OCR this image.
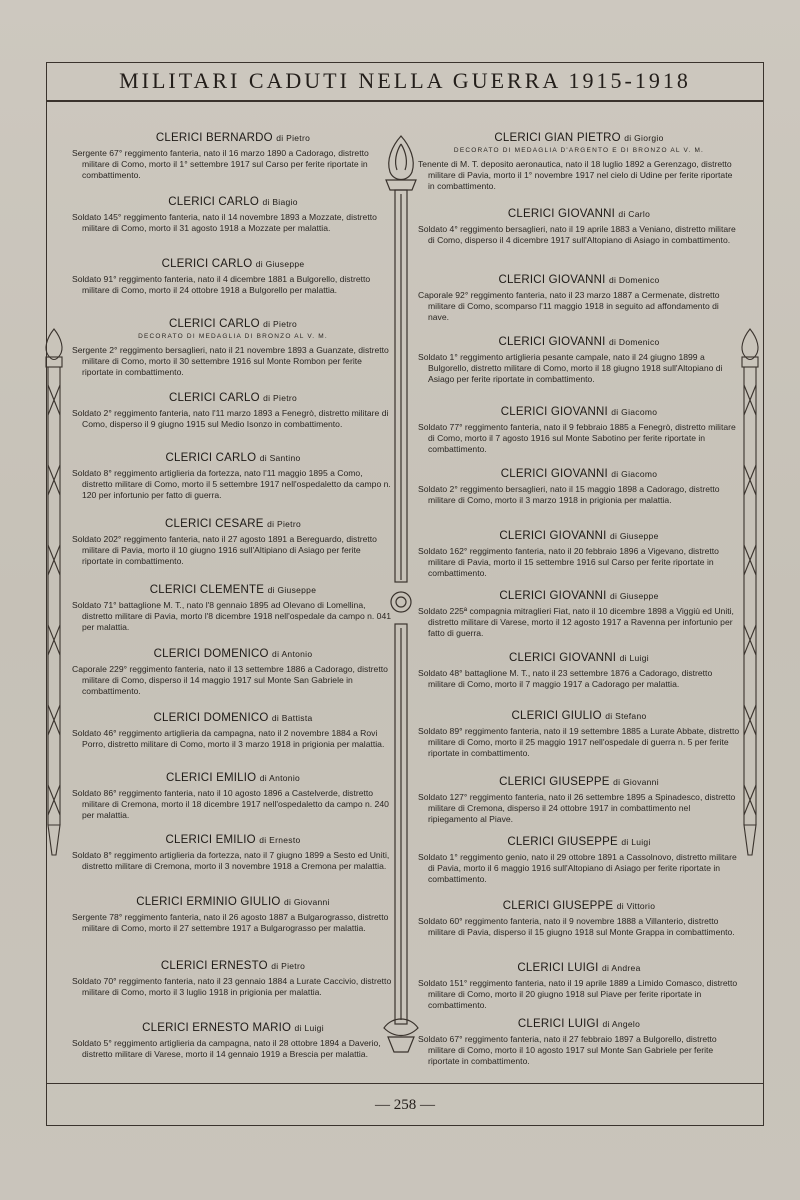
MILITARI CADUTI NELLA GUERRA 1915-1918
CLERICI BERNARDO di Pietro
Sergente 67° reggimento fanteria, nato il 16 marzo 1890 a Cadorago, distretto militare di Como, morto il 1° settembre 1917 sul Carso per ferite riportate in combattimento.
CLERICI CARLO di Biagio
Soldato 145° reggimento fanteria, nato il 14 novembre 1893 a Mozzate, distretto militare di Como, morto il 31 agosto 1918 a Mozzate per malattia.
CLERICI CARLO di Giuseppe
Soldato 91° reggimento fanteria, nato il 4 dicembre 1881 a Bulgorello, distretto militare di Como, morto il 24 ottobre 1918 a Bulgorello per malattia.
CLERICI CARLO di Pietro
DECORATO DI MEDAGLIA DI BRONZO AL V. M.
Sergente 2° reggimento bersaglieri, nato il 21 novembre 1893 a Guanzate, distretto militare di Como, morto il 30 settembre 1916 sul Monte Rombon per ferite riportate in combattimento.
CLERICI CARLO di Pietro
Soldato 2° reggimento fanteria, nato l'11 marzo 1893 a Fenegrò, distretto militare di Como, disperso il 9 giugno 1915 sul Medio Isonzo in combattimento.
CLERICI CARLO di Santino
Soldato 8° reggimento artiglieria da fortezza, nato l'11 maggio 1895 a Como, distretto militare di Como, morto il 5 settembre 1917 nell'ospedaletto da campo n. 120 per infortunio per fatto di guerra.
CLERICI CESARE di Pietro
Soldato 202° reggimento fanteria, nato il 27 agosto 1891 a Bereguardo, distretto militare di Pavia, morto il 10 giugno 1916 sull'Altipiano di Asiago per ferite riportate in combattimento.
CLERICI CLEMENTE di Giuseppe
Soldato 71° battaglione M. T., nato l'8 gennaio 1895 ad Olevano di Lomellina, distretto militare di Pavia, morto l'8 dicembre 1918 nell'ospedale da campo n. 041 per malattia.
CLERICI DOMENICO di Antonio
Caporale 229° reggimento fanteria, nato il 13 settembre 1886 a Cadorago, distretto militare di Como, disperso il 14 maggio 1917 sul Monte San Gabriele in combattimento.
CLERICI DOMENICO di Battista
Soldato 46° reggimento artiglieria da campagna, nato il 2 novembre 1884 a Rovi Porro, distretto militare di Como, morto il 3 marzo 1918 in prigionia per malattia.
CLERICI EMILIO di Antonio
Soldato 86° reggimento fanteria, nato il 10 agosto 1896 a Castelverde, distretto militare di Cremona, morto il 18 dicembre 1917 nell'ospedaletto da campo n. 240 per malattia.
CLERICI EMILIO di Ernesto
Soldato 8° reggimento artiglieria da fortezza, nato il 7 giugno 1899 a Sesto ed Uniti, distretto militare di Cremona, morto il 3 novembre 1918 a Cremona per malattia.
CLERICI ERMINIO GIULIO di Giovanni
Sergente 78° reggimento fanteria, nato il 26 agosto 1887 a Bulgarograsso, distretto militare di Como, morto il 27 settembre 1917 a Bulgarograsso per malattia.
CLERICI ERNESTO di Pietro
Soldato 70° reggimento fanteria, nato il 23 gennaio 1884 a Lurate Caccivio, distretto militare di Como, morto il 3 luglio 1918 in prigionia per malattia.
CLERICI ERNESTO MARIO di Luigi
Soldato 5° reggimento artiglieria da campagna, nato il 28 ottobre 1894 a Daverio, distretto militare di Varese, morto il 14 gennaio 1919 a Brescia per malattia.
CLERICI GIAN PIETRO di Giorgio
DECORATO DI MEDAGLIA D'ARGENTO E DI BRONZO AL V. M.
Tenente di M. T. deposito aeronautica, nato il 18 luglio 1892 a Gerenzago, distretto militare di Pavia, morto il 1° novembre 1917 nel cielo di Udine per ferite riportate in combattimento.
CLERICI GIOVANNI di Carlo
Soldato 4° reggimento bersaglieri, nato il 19 aprile 1883 a Veniano, distretto militare di Como, disperso il 4 dicembre 1917 sull'Altopiano di Asiago in combattimento.
CLERICI GIOVANNI di Domenico
Caporale 92° reggimento fanteria, nato il 23 marzo 1887 a Cermenate, distretto militare di Como, scomparso l'11 maggio 1918 in seguito ad affondamento di nave.
CLERICI GIOVANNI di Domenico
Soldato 1° reggimento artiglieria pesante campale, nato il 24 giugno 1899 a Bulgorello, distretto militare di Como, morto il 18 giugno 1918 sull'Altopiano di Asiago per ferite riportate in combattimento.
CLERICI GIOVANNI di Giacomo
Soldato 77° reggimento fanteria, nato il 9 febbraio 1885 a Fenegrò, distretto militare di Como, morto il 7 agosto 1916 sul Monte Sabotino per ferite riportate in combattimento.
CLERICI GIOVANNI di Giacomo
Soldato 2° reggimento bersaglieri, nato il 15 maggio 1898 a Cadorago, distretto militare di Como, morto il 3 marzo 1918 in prigionia per malattia.
CLERICI GIOVANNI di Giuseppe
Soldato 162° reggimento fanteria, nato il 20 febbraio 1896 a Vigevano, distretto militare di Pavia, morto il 15 settembre 1916 sul Carso per ferite riportate in combattimento.
CLERICI GIOVANNI di Giuseppe
Soldato 225ª compagnia mitraglieri Fiat, nato il 10 dicembre 1898 a Viggiù ed Uniti, distretto militare di Varese, morto il 12 agosto 1917 a Ravenna per infortunio per fatto di guerra.
CLERICI GIOVANNI di Luigi
Soldato 48° battaglione M. T., nato il 23 settembre 1876 a Cadorago, distretto militare di Como, morto il 7 maggio 1917 a Cadorago per malattia.
CLERICI GIULIO di Stefano
Soldato 89° reggimento fanteria, nato il 19 settembre 1885 a Lurate Abbate, distretto militare di Como, morto il 25 maggio 1917 nell'ospedale di guerra n. 5 per ferite riportate in combattimento.
CLERICI GIUSEPPE di Giovanni
Soldato 127° reggimento fanteria, nato il 26 settembre 1895 a Spinadesco, distretto militare di Cremona, disperso il 24 ottobre 1917 in combattimento nel ripiegamento al Piave.
CLERICI GIUSEPPE di Luigi
Soldato 1° reggimento genio, nato il 29 ottobre 1891 a Cassolnovo, distretto militare di Pavia, morto il 6 maggio 1916 sull'Altopiano di Asiago per ferite riportate in combattimento.
CLERICI GIUSEPPE di Vittorio
Soldato 60° reggimento fanteria, nato il 9 novembre 1888 a Villanterio, distretto militare di Pavia, disperso il 15 giugno 1918 sul Monte Grappa in combattimento.
CLERICI LUIGI di Andrea
Soldato 151° reggimento fanteria, nato il 19 aprile 1889 a Limido Comasco, distretto militare di Como, morto il 20 giugno 1918 sul Piave per ferite riportate in combattimento.
CLERICI LUIGI di Angelo
Soldato 67° reggimento fanteria, nato il 27 febbraio 1897 a Bulgorello, distretto militare di Como, morto il 10 agosto 1917 sul Monte San Gabriele per ferite riportate in combattimento.
— 258 —
